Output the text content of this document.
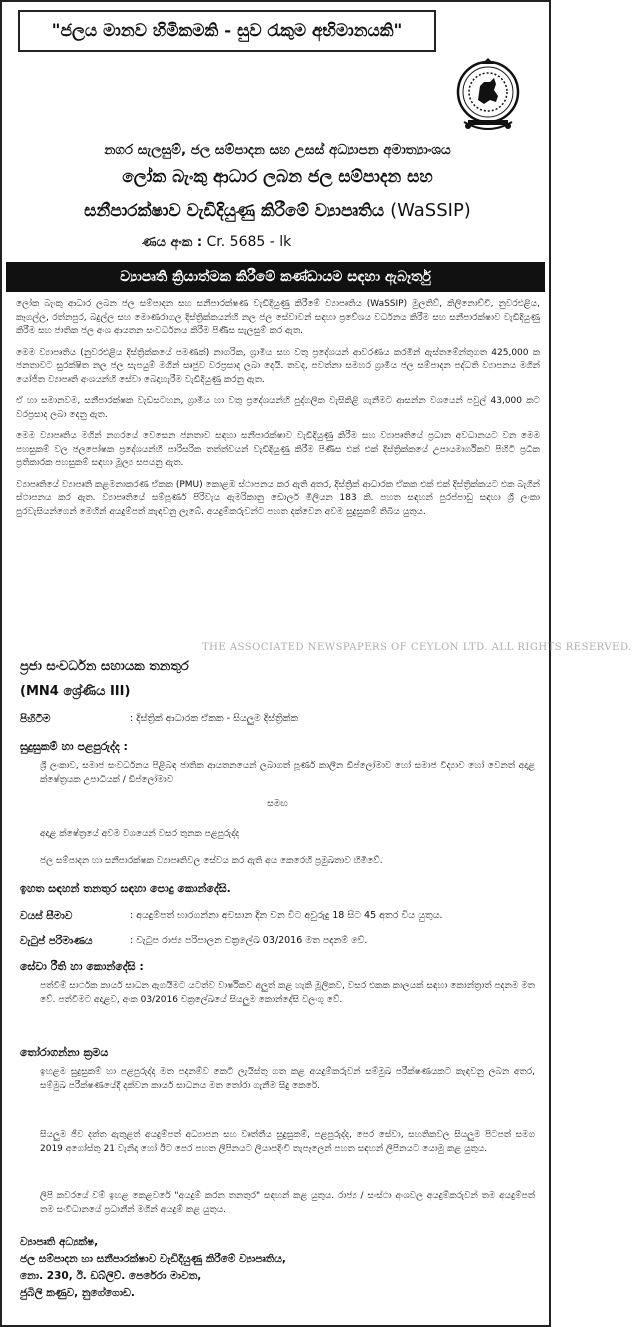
"ජලය මානව හිමිකමකි - සුව රැකුම අභිමානයකි"
නගර සැලසුම්, ජල සම්පාදන සහ උසස් අධ්‍යාපන අමාත්‍යාංශය
ලෝක බැංකු ආධාර ලබන ජල සම්පාදන සහ
සනීපාරක්ෂාව වැඩිදියුණු කිරීමේ ව්‍යාපෘතිය (WaSSIP)
ණය අංක : Cr. 5685 - lk
ව්‍යාපෘති ක්‍රියාත්මක කිරීමේ කණ්ඩායම සඳහා ඇබෑර්තු

ලෝක බැංකු ආධාර ලබන ජල සම්පාදන සහ සනීපාරක්ෂණ වැඩිදියුණු කිරීමේ ව්‍යාපෘතිය (WaSSIP) මුලතිව්, කිලිනොච්චි, නුවරඑළිය, කෑගල්ල, රත්නපුර, බදුල්ල සහ මොණරාගල දිස්ත්‍රික්කයන්හි නල ජල සේවාවන් සඳහා ප්‍රවේශය වර්ධනය කිරීම සහ සනීපාරක්ෂාව වැඩිදියුණු කිරීම සහ ජාතික ජල අංශ ආයතන සංවර්ධනය කිරීම පිණිස සැලසුම් කර ඇත.

මෙම ව්‍යාපෘතිය (නුවරඑළිය දිස්ත්‍රික්කයේ පමණක්) නාගරික, ග්‍රාමීය සහ වතු ප්‍රදේශයන් ආවරණය කරමින් ඇස්තමේන්තුගත 425,000 ක ජනතාවට සුරක්ෂිත නල ජල සැපයුම් මගින් සෘජුව වරප්‍රසාද ලබා දෙයි. තවද, පවත්නා සමහර ග්‍රාමීය ජල සම්පාදන පද්ධති ව්‍යාපනය මගින් යෝජිත ව්‍යාපෘති අංශයන්හි සේවා බෙදාහැරීම වැඩිදියුණු කරනු ඇත.

ඒ හා සමානවම, සනීපාරක්ෂක වැඩසටහන, ග්‍රාමීය හා වතු ප්‍රදේශයන්හි පුද්ගලික වැසිකිළි ගැනීමට ආසන්න වශයෙන් පවුල් 43,000 කට වරප්‍රසාද ලබා දෙනු ඇත.

මෙම ව්‍යාපෘතිය මගින් නගරයේ වෙසෙන ජනතාව සඳහා සනීපාරක්ෂාව වැඩිදියුණු කිරීම සහ ව්‍යාපෘතියේ ප්‍රධාන අවධානයට වන මෙම පහසුකම් වල ජලපෝෂක ප්‍රදේශයන්හි පාරිසරික තත්ත්වයන් වැඩිදියුණු කිරීම පිණිස එක් එක් දිස්ත්‍රික්කයේ උපායමාර්ගිකව පිහිටි ප්‍රධික ප්‍රතිකාරක පහසුකම් සඳහා මූල්‍ය සපයනු ඇත.

ව්‍යාපෘතියේ ව්‍යාපෘති කළමනාකරණ ඒකක (PMU) කොළඹ ස්ථාපනය කර ඇති අතර, දිස්ත්‍රික් ආධාරක ඒකක එක් එක් දිස්ත්‍රික්කයට එක බැගින් ස්ථාපනය කර ඇත. ව්‍යාපෘතියේ සම්පූර්ණ පිරිවැය ඇමරිකානු ඩොලර් මිලියන 183 කි. පහත සඳහන් පුරප්පාඩු සඳහා ශ්‍රී ලංකා පුරවැසියන්ගෙන් මෙහින් අයදුම්පත් කැඳවනු ලැබේ. අයදුම්කරුවන්ට පහත දක්වෙන අවම සුදුසුකම් තිබිය යුතුය.

THE ASSOCIATED NEWSPAPERS OF CEYLON LTD. ALL RIGHTS RESERVED.
ප්‍රජා සංවර්ධන සහායක තනතුර
(MN4 ශ්‍රේණිය III)
පිහිටීම	: දිස්ත්‍රික් ආධාරක ඒකක - සියලුම දිස්ත්‍රික්ක
සුදුසුකම් හා පළපුරුද්ද :
ශ්‍රී ලංකාව, සමාජ සංවර්ධනය පිළිබඳ ජාතික ආයතනයෙන් ලබාගත් පූර්ණ කාලීන ඩිප්ලෝමාව හෝ සමාජ විද්‍යාව හෝ වෙනත් අදාළ ක්ෂේත්‍රයක උපාධියක් / ඩිප්ලෝමාව
සමඟ
අදාළ ක්ෂේත්‍රයේ අවම වශයෙන් වසර තුනක පළපුරුද්ද
ජල සම්පාදන හා සනීපාරක්ෂක ව්‍යාපෘතිවල සේවය කර ඇති අය කෙරෙහි ප්‍රමුඛතාව හිමිවේ.
ඉහත සඳහන් තනතුර සඳහා පොදු කොන්දේසි.
වයස් සීමාව	: අයදුම්පත් භාරගන්නා අවසාන දින වන විට අවුරුදු 18 සිට 45 අතර විය යුතුය.
වැටුප් පරිමාණය	: වැටුප රාජ්‍ය පරිපාලන චක්‍රලේඛ 03/2016 මත පදනම් වේ.
සේවා රීති හා කොන්දේසි :
පත්වීම් සාර්ථක කාර්ය සාධන ඇගයීමට යටත්ව වාර්ෂිකව අලුත් කළ හැකි මූලිකව, වසර එකක කාලයක් සඳහා කොන්ත්‍රාත් පදනම මත වේ. පත්වීමට අදාළව, අංක 03/2016 චක්‍රලේඛයේ සියලුම කොන්දේසි වලංගු වේ.
තෝරාගන්නා ක්‍රමය
ඉහළම සුදුසුකම් හා පළපුරුද්ද මත පදනම්ව කෙටි ලැයිස්තු ගත කළ අයදුම්කරුවන් සම්මුඛ පරීක්ෂණයකට කැඳවනු ලබන අතර, සම්මුඛ පරීක්ෂණයේදී දක්වන කාර්ය සාධනය මත තෝරා ගැනීම සිදු කෙරේ.
සියලුම ජීව දත්ත ඇතුළත් අයදුම්පත් අධ්‍යාපන සහ වෘත්තීය සුදුසුකම්, පළපුරුද්ද, පෙර සේවා, සහතිකවල සියලුම පිටපත් සමග 2019 අගෝස්තු 21 වැනිදා හෝ ඊට පෙර පහත ලිපිනයට ලියාපදිංචි තැපෑලෙන් පහත සඳහන් ලිපිනයට යොමු කළ යුතුය.
ලිපි කවරයේ වම් ඉහළ කෙළවරේ "අයදුම් කරන තනතුර" සඳහන් කළ යුතුය. රාජ්‍ය / සංස්ථා අංශවල අයදුම්කරුවන් තම අයදුම්පත් තම සංවිධානයේ ප්‍රධානීන් මගින් අයදුම් කළ යුතුය.
ව්‍යාපෘති අධ්‍යක්ෂ,
ජල සම්පාදන හා සනීපාරක්ෂාව වැඩිදියුණු කිරීමේ ව්‍යාපෘතිය,
නො. 230, ඊ. ඩබ්ලිව්. පෙරේරා මාවත,
ජුබිලි කණුව, නුගේගොඩ.
